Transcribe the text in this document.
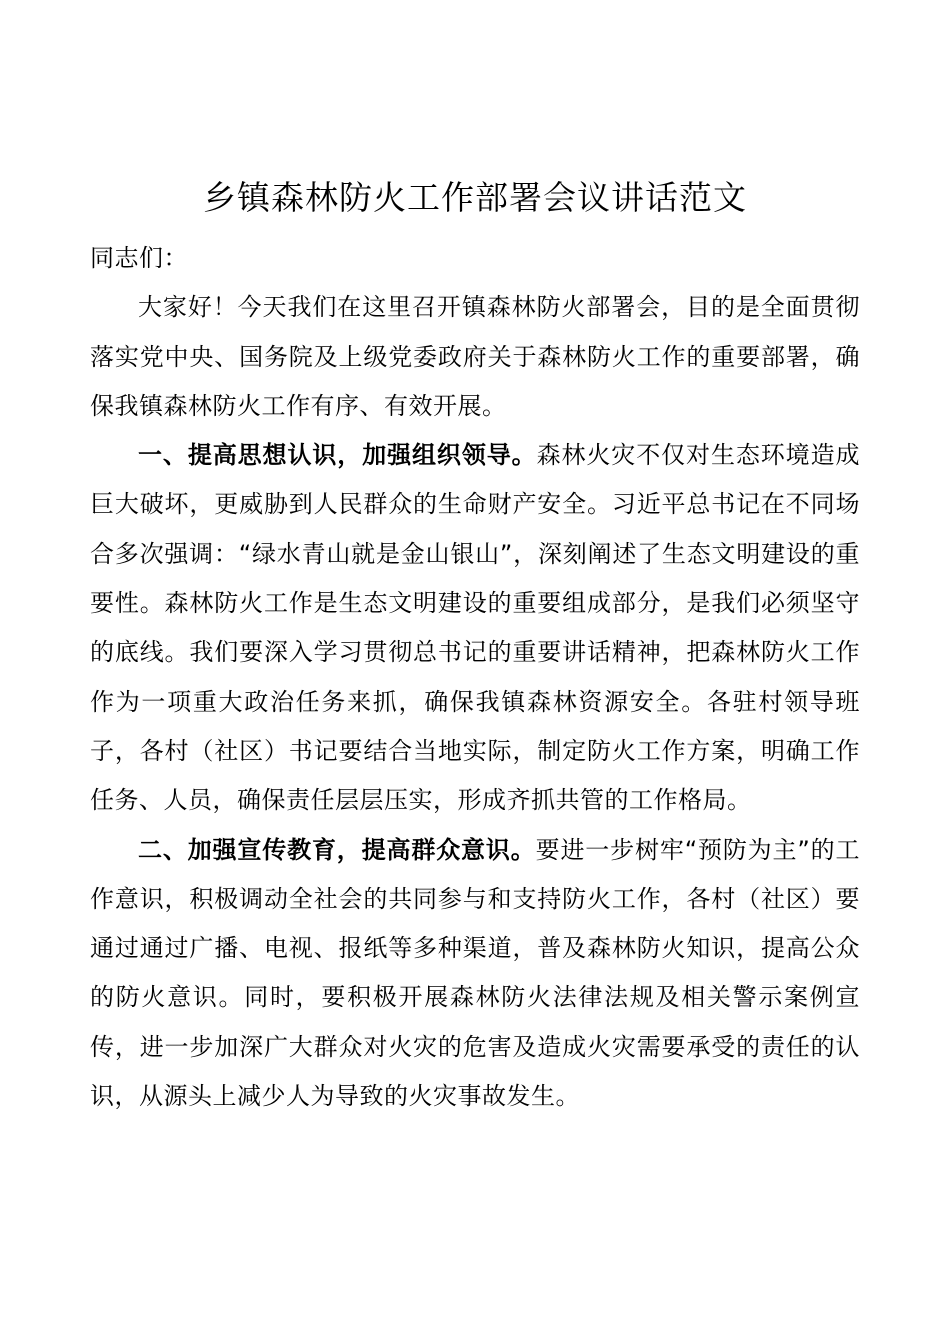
乡镇森林防火工作部署会议讲话范文

同志们：

大家好！今天我们在这里召开镇森林防火部署会，目的是全面贯彻落实党中央、国务院及上级党委政府关于森林防火工作的重要部署，确保我镇森林防火工作有序、有效开展。

一、提高思想认识，加强组织领导。森林火灾不仅对生态环境造成巨大破坏，更威胁到人民群众的生命财产安全。习近平总书记在不同场合多次强调：“绿水青山就是金山银山”，深刻阐述了生态文明建设的重要性。森林防火工作是生态文明建设的重要组成部分，是我们必须坚守的底线。我们要深入学习贯彻总书记的重要讲话精神，把森林防火工作作为一项重大政治任务来抓，确保我镇森林资源安全。各驻村领导班子，各村（社区）书记要结合当地实际，制定防火工作方案，明确工作任务、人员，确保责任层层压实，形成齐抓共管的工作格局。

二、加强宣传教育，提高群众意识。要进一步树牢“预防为主”的工作意识，积极调动全社会的共同参与和支持防火工作，各村（社区）要通过通过广播、电视、报纸等多种渠道，普及森林防火知识，提高公众的防火意识。同时，要积极开展森林防火法律法规及相关警示案例宣传，进一步加深广大群众对火灾的危害及造成火灾需要承受的责任的认识，从源头上减少人为导致的火灾事故发生。
